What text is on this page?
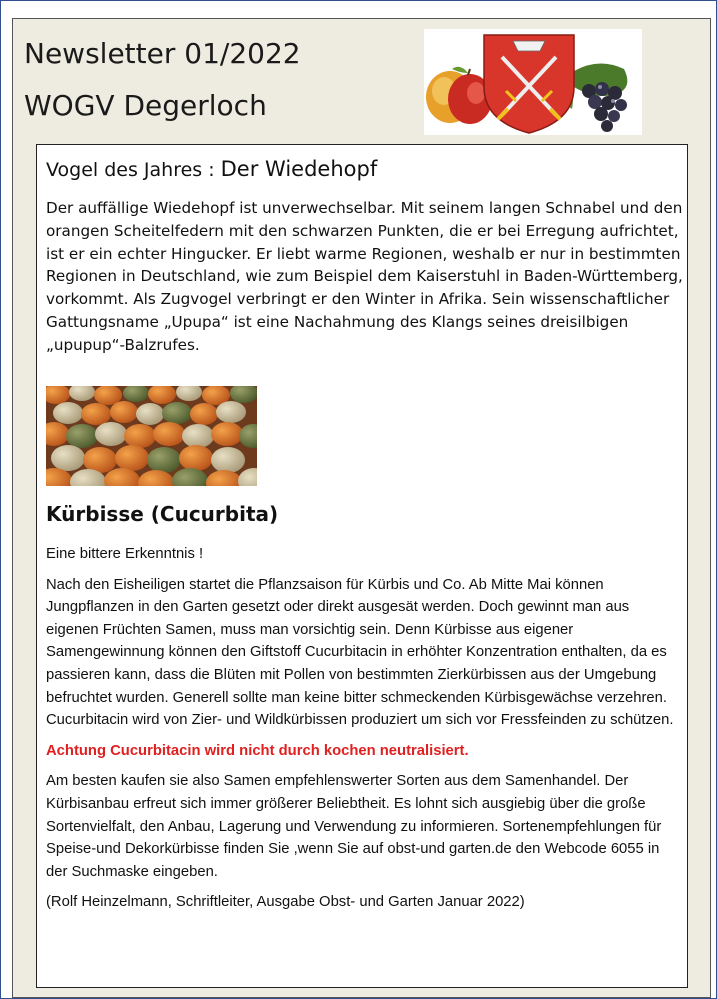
Newsletter 01/2022
WOGV Degerloch
Vogel des Jahres : Der Wiedehopf

Der auffällige Wiedehopf ist unverwechselbar. Mit seinem langen Schnabel und den orangen Scheitelfedern mit den schwarzen Punkten, die er bei Erregung aufrichtet, ist er ein echter Hingucker. Er liebt warme Regionen, weshalb er nur in bestimmten Regionen in Deutschland, wie zum Beispiel dem Kaiserstuhl in Baden-Württemberg, vorkommt. Als Zugvogel verbringt er den Winter in Afrika. Sein wissenschaftlicher Gattungsname „Upupa“ ist eine Nachahmung des Klangs seines dreisilbigen „upupup“-Balzrufes.

Kürbisse (Cucurbita)

Eine bittere Erkenntnis !

Nach den Eisheiligen startet die Pflanzsaison für Kürbis und Co. Ab Mitte Mai können Jungpflanzen in den Garten gesetzt oder direkt ausgesät werden. Doch gewinnt man aus eigenen Früchten Samen, muss man vorsichtig sein. Denn Kürbisse aus eigener Samengewinnung können den Giftstoff Cucurbitacin in erhöhter Konzentration enthalten, da es passieren kann, dass die Blüten mit Pollen von bestimmten Zierkürbissen aus der Umgebung befruchtet wurden. Generell sollte man keine bitter schmeckenden Kürbisgewächse verzehren. Cucurbitacin wird von Zier- und Wildkürbissen produziert um sich vor Fressfeinden zu schützen.

Achtung Cucurbitacin wird nicht durch kochen neutralisiert.

Am besten kaufen sie also Samen empfehlenswerter Sorten aus dem Samenhandel. Der Kürbisanbau erfreut sich immer größerer Beliebtheit. Es lohnt sich ausgiebig über die große Sortenvielfalt, den Anbau, Lagerung und Verwendung zu informieren. Sortenempfehlungen für Speise-und Dekorkürbisse finden Sie ,wenn Sie auf obst-und garten.de den Webcode 6055 in der Suchmaske eingeben.

(Rolf Heinzelmann, Schriftleiter, Ausgabe Obst- und Garten Januar 2022)
